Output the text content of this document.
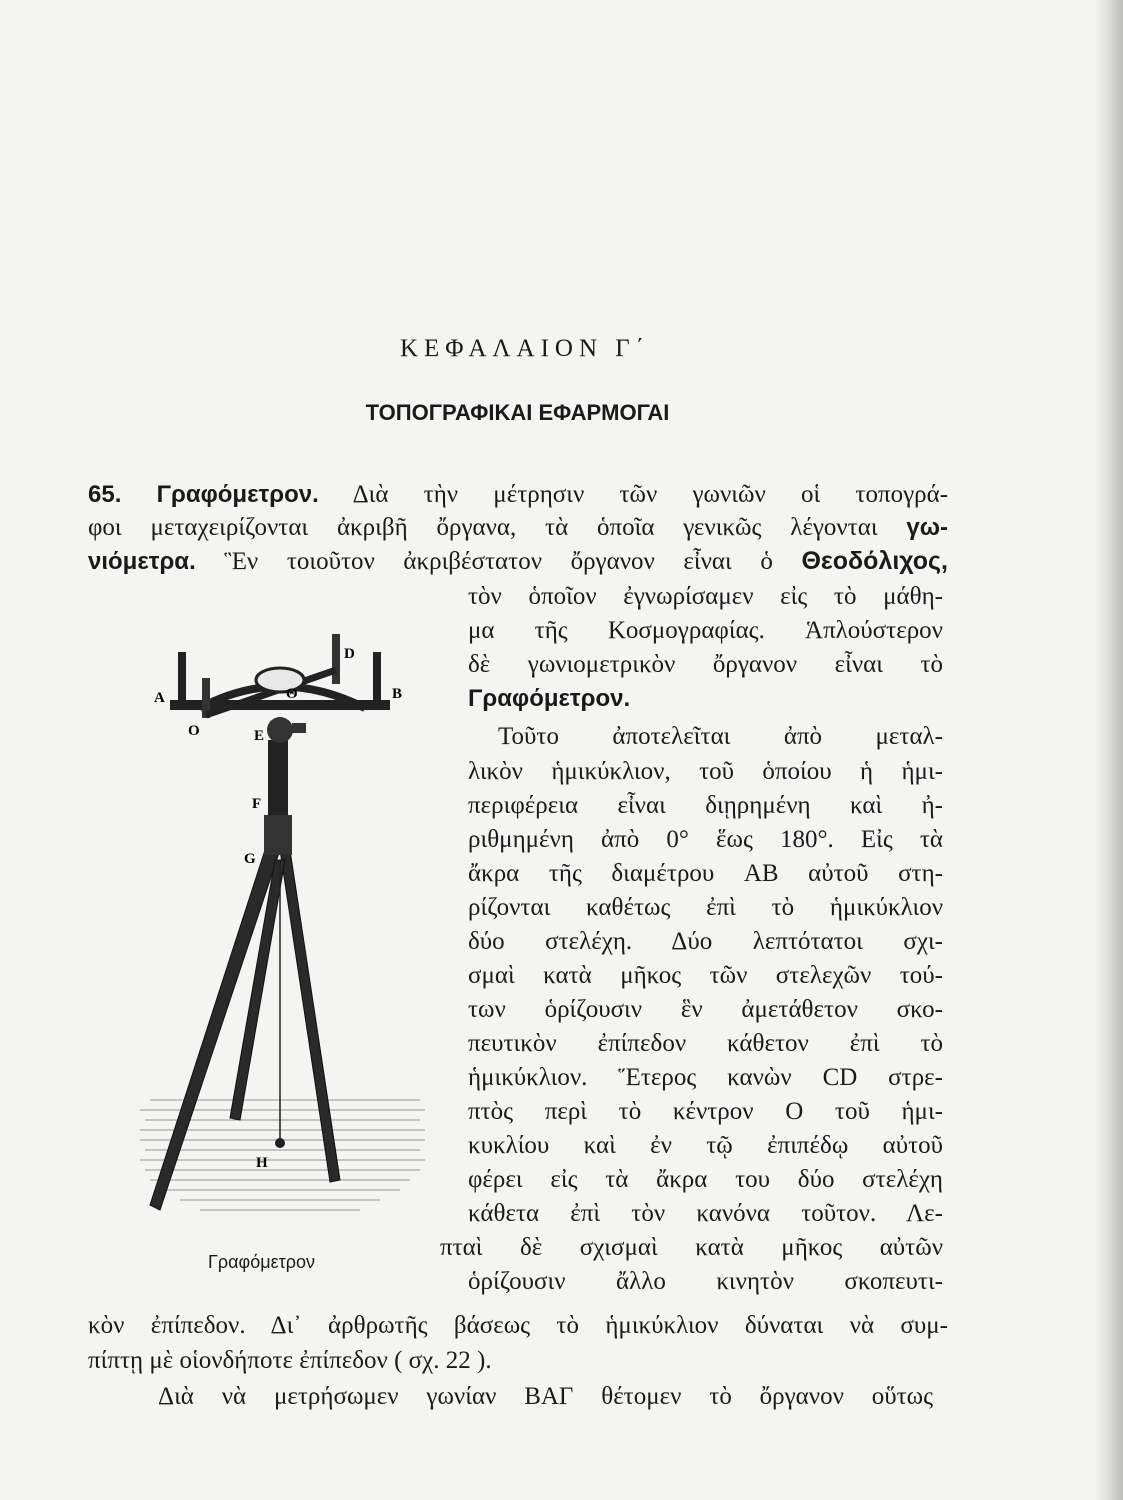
ΚΕΦΑΛΑΙΟΝ Γ΄
ΤΟΠΟΓΡΑΦΙΚΑΙ ΕΦΑΡΜΟΓΑΙ
65. Γραφόμετρον. Διὰ τὴν μέτρησιν τῶν γωνιῶν οἱ τοπογρά-
φοι μεταχειρίζονται ἀκριβῆ ὄργανα, τὰ ὁποῖα γενικῶς λέγονται γω-
νιόμετρα. Ἓν τοιοῦτον ἀκριβέστατον ὄργανον εἶναι ὁ Θεοδόλιχος,
τὸν ὁποῖον ἐγνωρίσαμεν εἰς τὸ μάθη-
μα τῆς Κοσμογραφίας. Ἁπλούστερον
δὲ γωνιομετρικὸν ὄργανον εἶναι τὸ
Γραφόμετρον.
Τοῦτο ἀποτελεῖται ἀπὸ μεταλ-
λικὸν ἡμικύκλιον, τοῦ ὁποίου ἡ ἡμι-
περιφέρεια εἶναι διῃρημένη καὶ ἠ-
ριθμημένη ἀπὸ 0° ἕως 180°. Εἰς τὰ
ἄκρα τῆς διαμέτρου AB αὐτοῦ στη-
ρίζονται καθέτως ἐπὶ τὸ ἡμικύκλιον
δύο στελέχη. Δύο λεπτότατοι σχι-
σμαὶ κατὰ μῆκος τῶν στελεχῶν τού-
των ὁρίζουσιν ἓν ἀμετάθετον σκο-
πευτικὸν ἐπίπεδον κάθετον ἐπὶ τὸ
ἡμικύκλιον. Ἕτερος κανὼν CD στρε-
πτὸς περὶ τὸ κέντρον O τοῦ ἡμι-
κυκλίου καὶ ἐν τῷ ἐπιπέδῳ αὐτοῦ
φέρει εἰς τὰ ἄκρα του δύο στελέχη
κάθετα ἐπὶ τὸν κανόνα τοῦτον. Λε-
πταὶ δὲ σχισμαὶ κατὰ μῆκος αὐτῶν
ὁρίζουσιν ἄλλο κινητὸν σκοπευτι-
κὸν ἐπίπεδον. Δι᾽ ἀρθρωτῆς βάσεως τὸ ἡμικύκλιον δύναται νὰ συμ-
πίπτῃ μὲ οἱονδήποτε ἐπίπεδον ( σχ. 22 ).
Διὰ νὰ μετρήσωμεν γωνίαν BAΓ θέτομεν τὸ ὄργανον οὕτως
A	B
O
D
Θ
E
F
G
H
Γραφόμετρον
